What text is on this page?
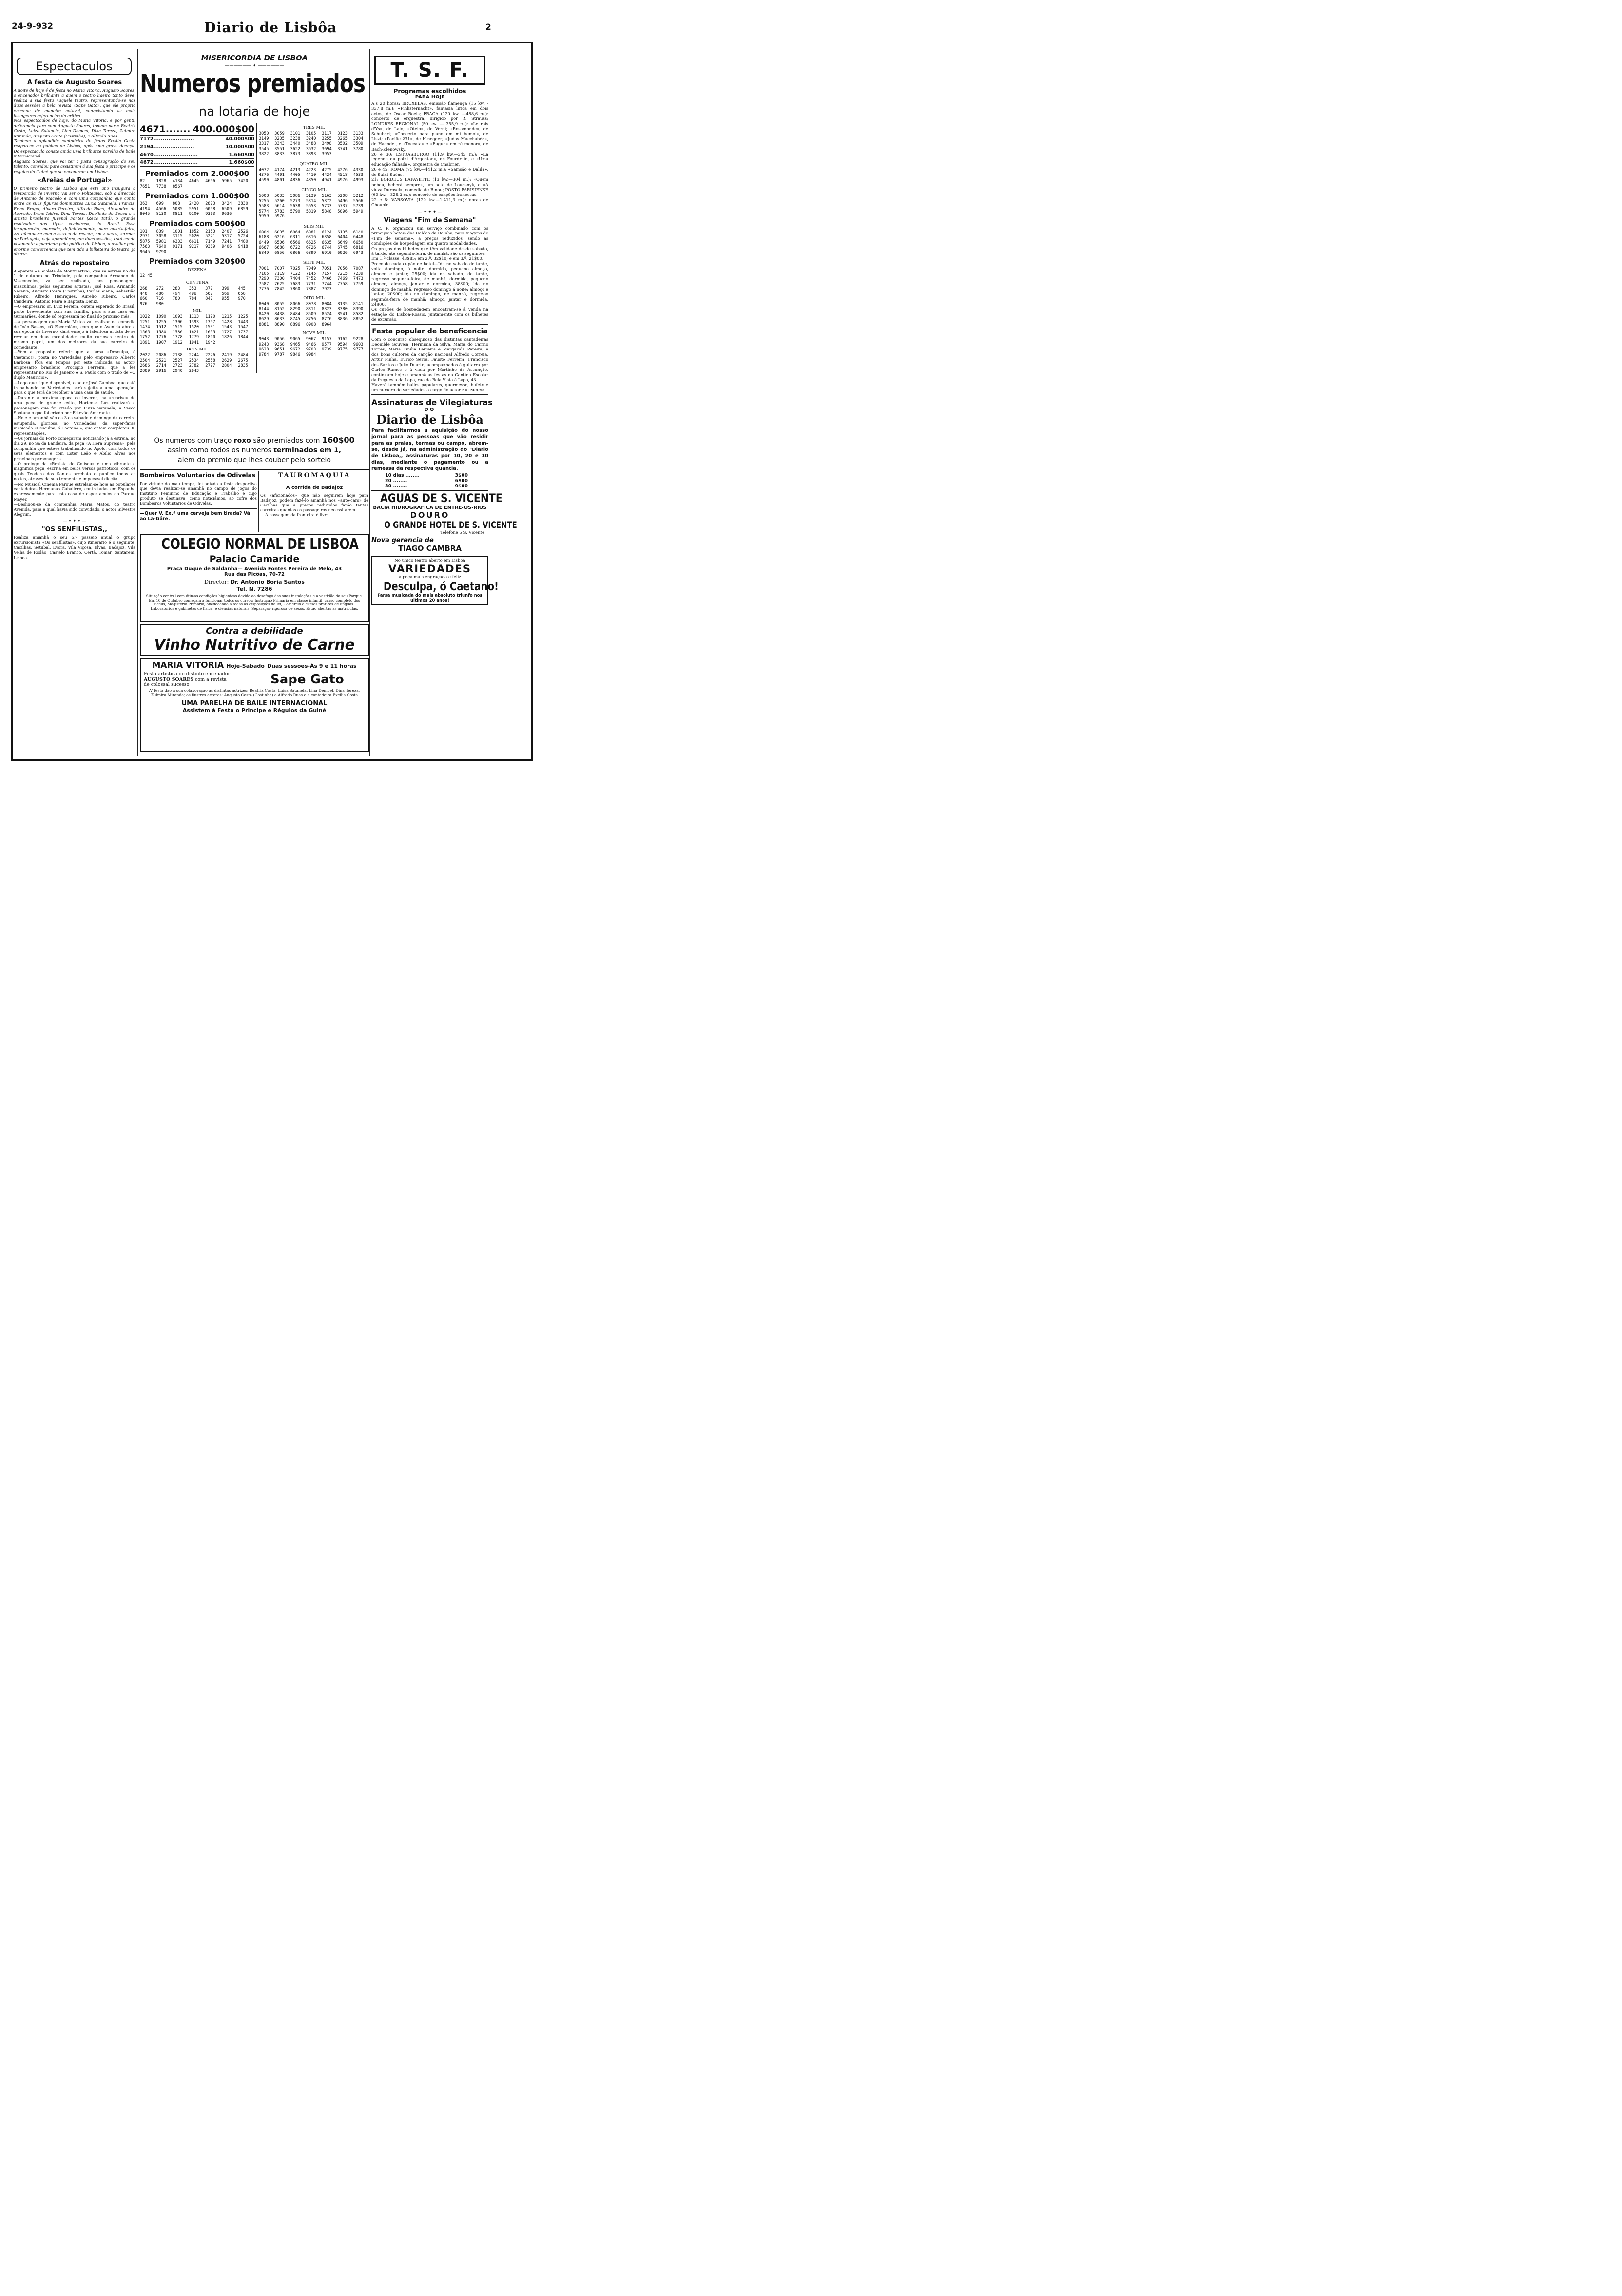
24-9-932	Diario de Lisbôa	2
Espectaculos
A festa de Augusto Soares

A noite de hoje é de festa no Maria Vitoria. Augusto Soares, o encenador brilhante a quem o teatro ligeiro tanto deve, realiza a sua festa naquele teatro, representando-se nas duas sessões a bela revista «Sape Gato», que ele proprio encenou de maneira notavel, conquistando as mais lisongeiras referencias da critica.

Nos espectáculos de hoje, do Maria Vitoria, e por gentil deferencia para com Augusto Soares, tomam parte Beatriz Costa, Luiza Satanela, Lina Demoel, Dina Tereza, Zulmira Miranda, Augusto Costa (Costinha), e Alfredo Ruas.

Tambem a aplaudida cantadeira de fados Ercilia Costa reaparece ao publico de Lisboa, após uma grave doença. Do espectaculo consta ainda uma brilhante parelha de baile internacional.

Augusto Soares, que vai ter a justa consagração do seu talento, convidou para assistirem á sua festa o principe e os regulos da Guiné que se encontram em Lisboa.

«Areias de Portugal»

O primeiro teatro de Lisboa que este ano inaugura a temporada de inverno vai ser o Politeama, sob a direcção de Antonio de Macedo e com uma companhia que conta entre as suas figuras dominantes Luiza Satanela, Francis, Erico Braga, Alvaro Pereira, Alfredo Ruas, Alexandre de Azevedo, Irene Izidro, Dina Tereza, Deolinda de Sousa e o artista brasileiro Juvenal Fontes (Zeca Tatú), o grande realizador dos tipos «caipiras», do Brasil. Essa inauguração, marcada, definitivamente, para quarta-feira, 28, efectua-se com a estreia da revista, em 2 actos, «Areias de Portugal», cuja «première», em duas sessões, está sendo vivamente aguardada pelo publico de Lisboa, a avaliar pelo enorme concorrencia que tem tido a bilheteira do teatro, já aberta.

Atrás do reposteiro

A opereta «A Violeta de Montmartre», que se estreia no dia 1 de outubro no Trindade, pela companhia Armando de Vasconcelos, vai ser realizada, nos personagens masculinos, pelos seguintes artistas: José Rosa, Armando Saraiva, Augusto Costa (Costinha), Carlos Viana, Sebastião Ribeiro, Alfredo Henriques, Aurelio Ribeiro, Carlos Candeira, Antonio Paiva e Baptista Deniz.

—O empresario sr. Luiz Pereira, ontem esperado do Brasil, parte brevemente com sua familia, para a sua casa em Guimarães, donde só regressará no final do proximo mês.

—A personagem que Maria Matos vai realizar na comedia de João Bastos, «O Escorpião», com que o Avenida abre a sua epoca de inverno, dará ensejo á talentosa artista de se revelar em duas modalidades muito curiosas dentro do mesmo papel, um dos melhores da sua carreira de comediante.

—Vem a proposito referir que a farsa «Desculpa, ó Caetano!», posta no Variedades pelo empresario Alberto Barbosa, fôra em tempos por este indicada ao actor-empresario brasileiro Procopio Ferreira, que a fez representar no Rio de Janeiro e S. Paulo com o titulo de «O duplo Mauricio».

—Logo que fique disponivel, o actor José Gamboa, que está trabalhando no Variedades, será sujeito a uma operação, para o que terá de recolher a uma casa de saude.

—Durante a proxima epoca de inverno, na «reprise» de uma peça de grande exito, Hortense Luz realizará o personagem que foi criado por Luiza Satanela, e Vasco Santana o que foi criado por Estevão Amarante.

—Hoje e amanhã são os 3.os sabado e domingo da carreira estupenda, gloriosa, no Variedades, da super-farsa musicada «Desculpa, ó Caetano!», que ontem completou 30 representações.

—Os jornais do Porto começaram noticiando já a estreia, no dia 29, no Sá da Bandeira, da peça «A Hora Suprema», pela companhia que esteve trabalhando no Apolo, com todos os seus elementos e com Ester Leão e Abilio Alves nos principais personagens.

—O prologo da «Revista do Coliseu» é uma vibrante e magnifica peça, escrita em belos versos patrioticos, com os quais Teodoro dos Santos arrebata o publico todas as noites, através da sua tremente e impecavel dicção.

—No Musical Cinema Parque estrelam-se hoje as populares cantadeiras Hermanas Caballero, contratadas em Espanha expressamente para esta casa de espectaculos do Parque Mayer.

—Desligou-se da companhia Maria Matos, do teatro Avenida, para a qual havia sido convidado, o actor Silvestre Alegrim.

— ✦ ✦ ✦ —
"OS SENFILISTAS,,

Realiza amanhã o seu 5.º passeio anual o grupo excursionista «Os senfilistas», cujo itinerario é o seguinte: Cacilhas, Setubal, Evora, Vila Viçosa, Elvas, Badajoz, Vila Velha de Rodão, Castelo Branco, Certã, Tomar, Santarem, Lisboa.

MISERICORDIA DE LISBOA
—————— ✦ ——————
Numeros premiados
na lotaria de hoje
4671....... 400.000$00
7172......................	40.000$00
2194......................	10.000$00
4670........................	1.660$00
4672........................	1.660$00
Premiados com 2.000$00
82	1828	4134	4645	4696	5965	7420
7651	7738	8567
Premiados com 1.000$00
363	699	808	2420	2823	3424	3830
4194	4566	5085	5951	6058	6509	6859
8045	8130	8811	9100	9303	9636
Premiados com 500$00
101	839	1001	1852	2153	2407	2526
2971	3058	3115	5020	5271	5317	5724
5875	5981	6333	6611	7149	7241	7480
7563	7640	9171	9217	9389	9406	9418
9645	9790
Premiados com 320$00
DEZENA
12 45
CENTENA
268	272	283	353	372	399	445
448	486	494	496	562	569	658
660	716	780	784	847	955	970
976	980
MIL
1022	1090	1093	1113	1190	1215	1225
1251	1255	1306	1393	1397	1428	1443
1474	1512	1515	1520	1531	1543	1547
1565	1580	1586	1621	1655	1727	1737
1752	1776	1778	1779	1810	1826	1844
1891	1907	1912	1941	1942
DOIS MIL
2022	2086	2138	2244	2276	2419	2484
2504	2521	2527	2534	2558	2629	2675
2686	2714	2723	2782	2797	2804	2835
2889	2916	2940	2943
TRES MIL
3050	3059	3101	3105	3117	3123	3133
3149	3235	3238	3240	3255	3265	3304
3317	3343	3440	3488	3498	3502	3509
3545	3551	3622	3632	3694	3741	3780
3822	3833	3873	3893	3953
QUATRO MIL
4072	4174	4213	4223	4275	4276	4330
4376	4401	4405	4410	4424	4518	4533
4590	4801	4836	4850	4941	4976	4993
CINCO MIL
5008	5033	5086	5139	5163	5208	5212
5255	5260	5273	5314	5372	5496	5566
5583	5614	5638	5653	5733	5737	5739
5774	5783	5790	5819	5848	5896	5949
5959	5976
SEIS MIL
6004	6035	6064	6081	6124	6135	6140
6188	6216	6311	6316	6358	6404	6448
6449	6506	6566	6625	6635	6649	6650
6667	6688	6722	6726	6744	6745	6816
6849	6856	6866	6899	6910	6926	6943
SETE MIL
7001	7007	7025	7049	7051	7056	7087
7105	7119	7122	7145	7157	7215	7239
7290	7300	7404	7452	7466	7469	7473
7587	7625	7683	7731	7744	7758	7759
7776	7842	7860	7887	7923
OITO MIL
8040	8055	8066	8078	8084	8135	8141
8144	8152	8290	8311	8323	8380	8390
8420	8438	8484	8509	8524	8541	8582
8629	8633	8745	8756	8776	8836	8852
8881	8890	8896	8908	8964
NOVE MIL
9043	9056	9065	9067	9157	9162	9228
9243	9368	9465	9466	9577	9594	9603
9628	9651	9672	9703	9739	9775	9777
9784	9787	9846	9984
Os numeros com traço roxo são premiados com 160$00
assim como todos os numeros terminados em 1,
alem do premio que lhes couber pelo sorteio
Bombeiros Voluntarios de Odivelas

Por virtude do mau tempo, foi adiada a festa desportiva que devia realizar-se amanhã no campo de jogos do Instituto Feminino de Educação e Trabalho e cujo produto se destinava, como noticiámos, ao cofre dos Bombeiros Voluntarios de Odivelas.

—Quer V. Ex.ª uma cerveja bem tirada? Vá ao La-Gâre.
TAUROMAQUIA
A corrida de Badajoz

Os «aficionados» que não seguirem hoje para Badajoz, podem fazê-lo amanhã nos «auto-cars» de Cacilhas que a preços reduzidos farão tantas carreiras quantas os passageiros necessitarem.

A passagem da fronteira é livre.

COLEGIO NORMAL DE LISBOA
Palacio Camaride
Praça Duque de Saldanha— Avenida Fontes Pereira de Melo, 43
Rua das Picôas, 70-72
Director: Dr. Antonio Borja Santos
Tel. N. 7286

Situação central com ótimas condições higienicas devido ao desafogo das suas instalações e a vastidão do seu Parque.

Em 10 de Outubro começam a funcionar todos os cursos: Instrução Primaria em classe infantil, curso completo dos liceus, Magisterio Primario, obedecendo a todas as disposições da lei, Comercio e cursos praticos de linguas. Laboratorios e gabinetes de física, e ciencias naturais. Separação rigorosa de sexos. Estão abertas as matriculas.

Contra a debilidade
Vinho Nutritivo de Carne
MARIA VITORIA Hoje-Sabado Duas sessões-Ás 9 e 11 horas
Festa artistica do distinto encenador
AUGUSTO SOARES com a revista
de colossal sucesso	Sape Gato

A' festa dão a sua colaboração as distintas actrizes: Beatriz Costa, Luisa Satanela, Lina Demoel, Dina Tereza, Zulmira Miranda; os ilustres actores: Augusto Costa (Costinha) e Alfredo Ruas e a cantadeira Excilia Costa

UMA PARELHA DE BAILE INTERNACIONAL
Assistem á Festa o Principe e Régulos da Guiné
T. S. F.
Programas escolhidos
PARA HOJE

A,s 20 horas: BRUXELAS, emissão flamenga (15 kw. - 337,8 m.): «Pinksternacht», fantasia lirica em dois actos, de Oscar Roels; PRAGA (120 kw. —488,6 m.): concerto de orquestra, dirigido por R. Strauss; LONDRES REGIONAL (50 kw. — 355,9 m.): «Le rois d'Ys», de Lalo; «Otelo», de Verdi; «Rosamonde», de Schubert; «Concerto para piano em mi bemol», de Liszt; «Pacific 231», de H.negger; «Judas Macchabée», de Haendel, e «Toccata» e «Fugue» em ré menor», de Bach-Klenowsky.

20 e 30: ESTRASBURGO (11,9 kw.—345 m.): «La legende du point d'Argentan», de Fourdrain, e «Uma educação falhada», orquestra de Chabrier.

20 e 45: ROMA (75 kw.—441,2 m.): «Samsão e Dalila», de Saint-Saëns.

21: BORDEUS LAFAYETTE (13 kw.—304 m.): «Quem bebeu, beberá sempre», um acto de Louesnyk, e «A viuva Durosel», comedia de Binou; POSTO PARISIENSE (60 kw.—328,2 m.): concerto de canções francesas.

22 e 5: VARSOVIA (120 kw.—1.411,3 m.): obras de Choupin.

— ✦ ✦ ✦ —
Viagens "Fim de Semana"

A C. P. organizou um serviço combinado com os principais hoteis das Caldas da Rainha, para viagens de «Fim de semana», a preços reduzidos, sendo as condições de hospedagem em quatro modalidades.

Os preços dos bilhetes que têm validade desde sabado, á tarde, até segunda-feira, de manhã, são os seguintes:

Em 1.ª classe, 48$85; em 2.ª, 32$10; e em 3.ª, 21$00.

Preço de cada cupão de hotel—Ida no sabado de tarde, volta domingo, á noite: dormida, pequeno almoço, almoço e jantar, 25$00; ida no sabado, de tarde, regresso segunda-feira, de manhã, dormida, pequeno almoço, almoço, jantar e dormida, 38$00; ida no domingo de manhã, regresso domingo á noite: almoço e jantar, 20$00; ida no domingo, de manhã, regresso segunda-feira de manhã: almoço, jantar e dormida, 24$00.

Os cupões de hospedagem encontram-se á venda na estação do Lisboa-Rossio, juntamente com os bilhetes de excursão.

Festa popular de beneficencia

Com o concurso obsequioso das distintas cantadeiras Deonilde Gouveia, Herminia da Silva, Maria do Carmo Torres, Maria Emilia Ferreira e Margarida Pereira, e dos bons cultores da canção nacional Alfredo Correia, Artur Pinha, Eurico Serra, Fausto Ferreira, Francisco dos Santos e Julio Duarte, acompanhados á guitarra por Carlos Ramos e á viola por Martinho de Assunção, continuam hoje e amanhã as festas da Cantina Escolar da freguesia da Lapa, rua da Bela Vista á Lapa, 43.

Haverá também bailes populares, quermesse, bufete e um numero de variedades a cargo do actor Rui Meteio.

Assinaturas de Vilegiaturas
DO
Diario de Lisbôa

Para facilitarmos a aquisição do nosso jornal para as pessoas que vão residir para as praias, termas ou campo, abrem-se, desde já, na administração do "Diario de Lisboa,, assinaturas por 10, 20 e 30 dias, mediante o pagamento ou a remessa da respectiva quantia.

10 dias ........	3$00
20 ........	6$00
30 ........	9$00
AGUAS DE S. VICENTE
BACIA HIDROGRAFICA DE ENTRE-OS-RIOS
DOURO
O GRANDE HOTEL DE S. VICENTE
Telefone 5 S. Vicente
Nova gerencia de
TIAGO CAMBRA
No unico teatro aberto em Lisboa
VARIEDADES
a peça mais engraçada e feliz
Desculpa, ó Caetano!
Farsa musicada do mais absoluto triunfo nos ultimos 20 anos!
